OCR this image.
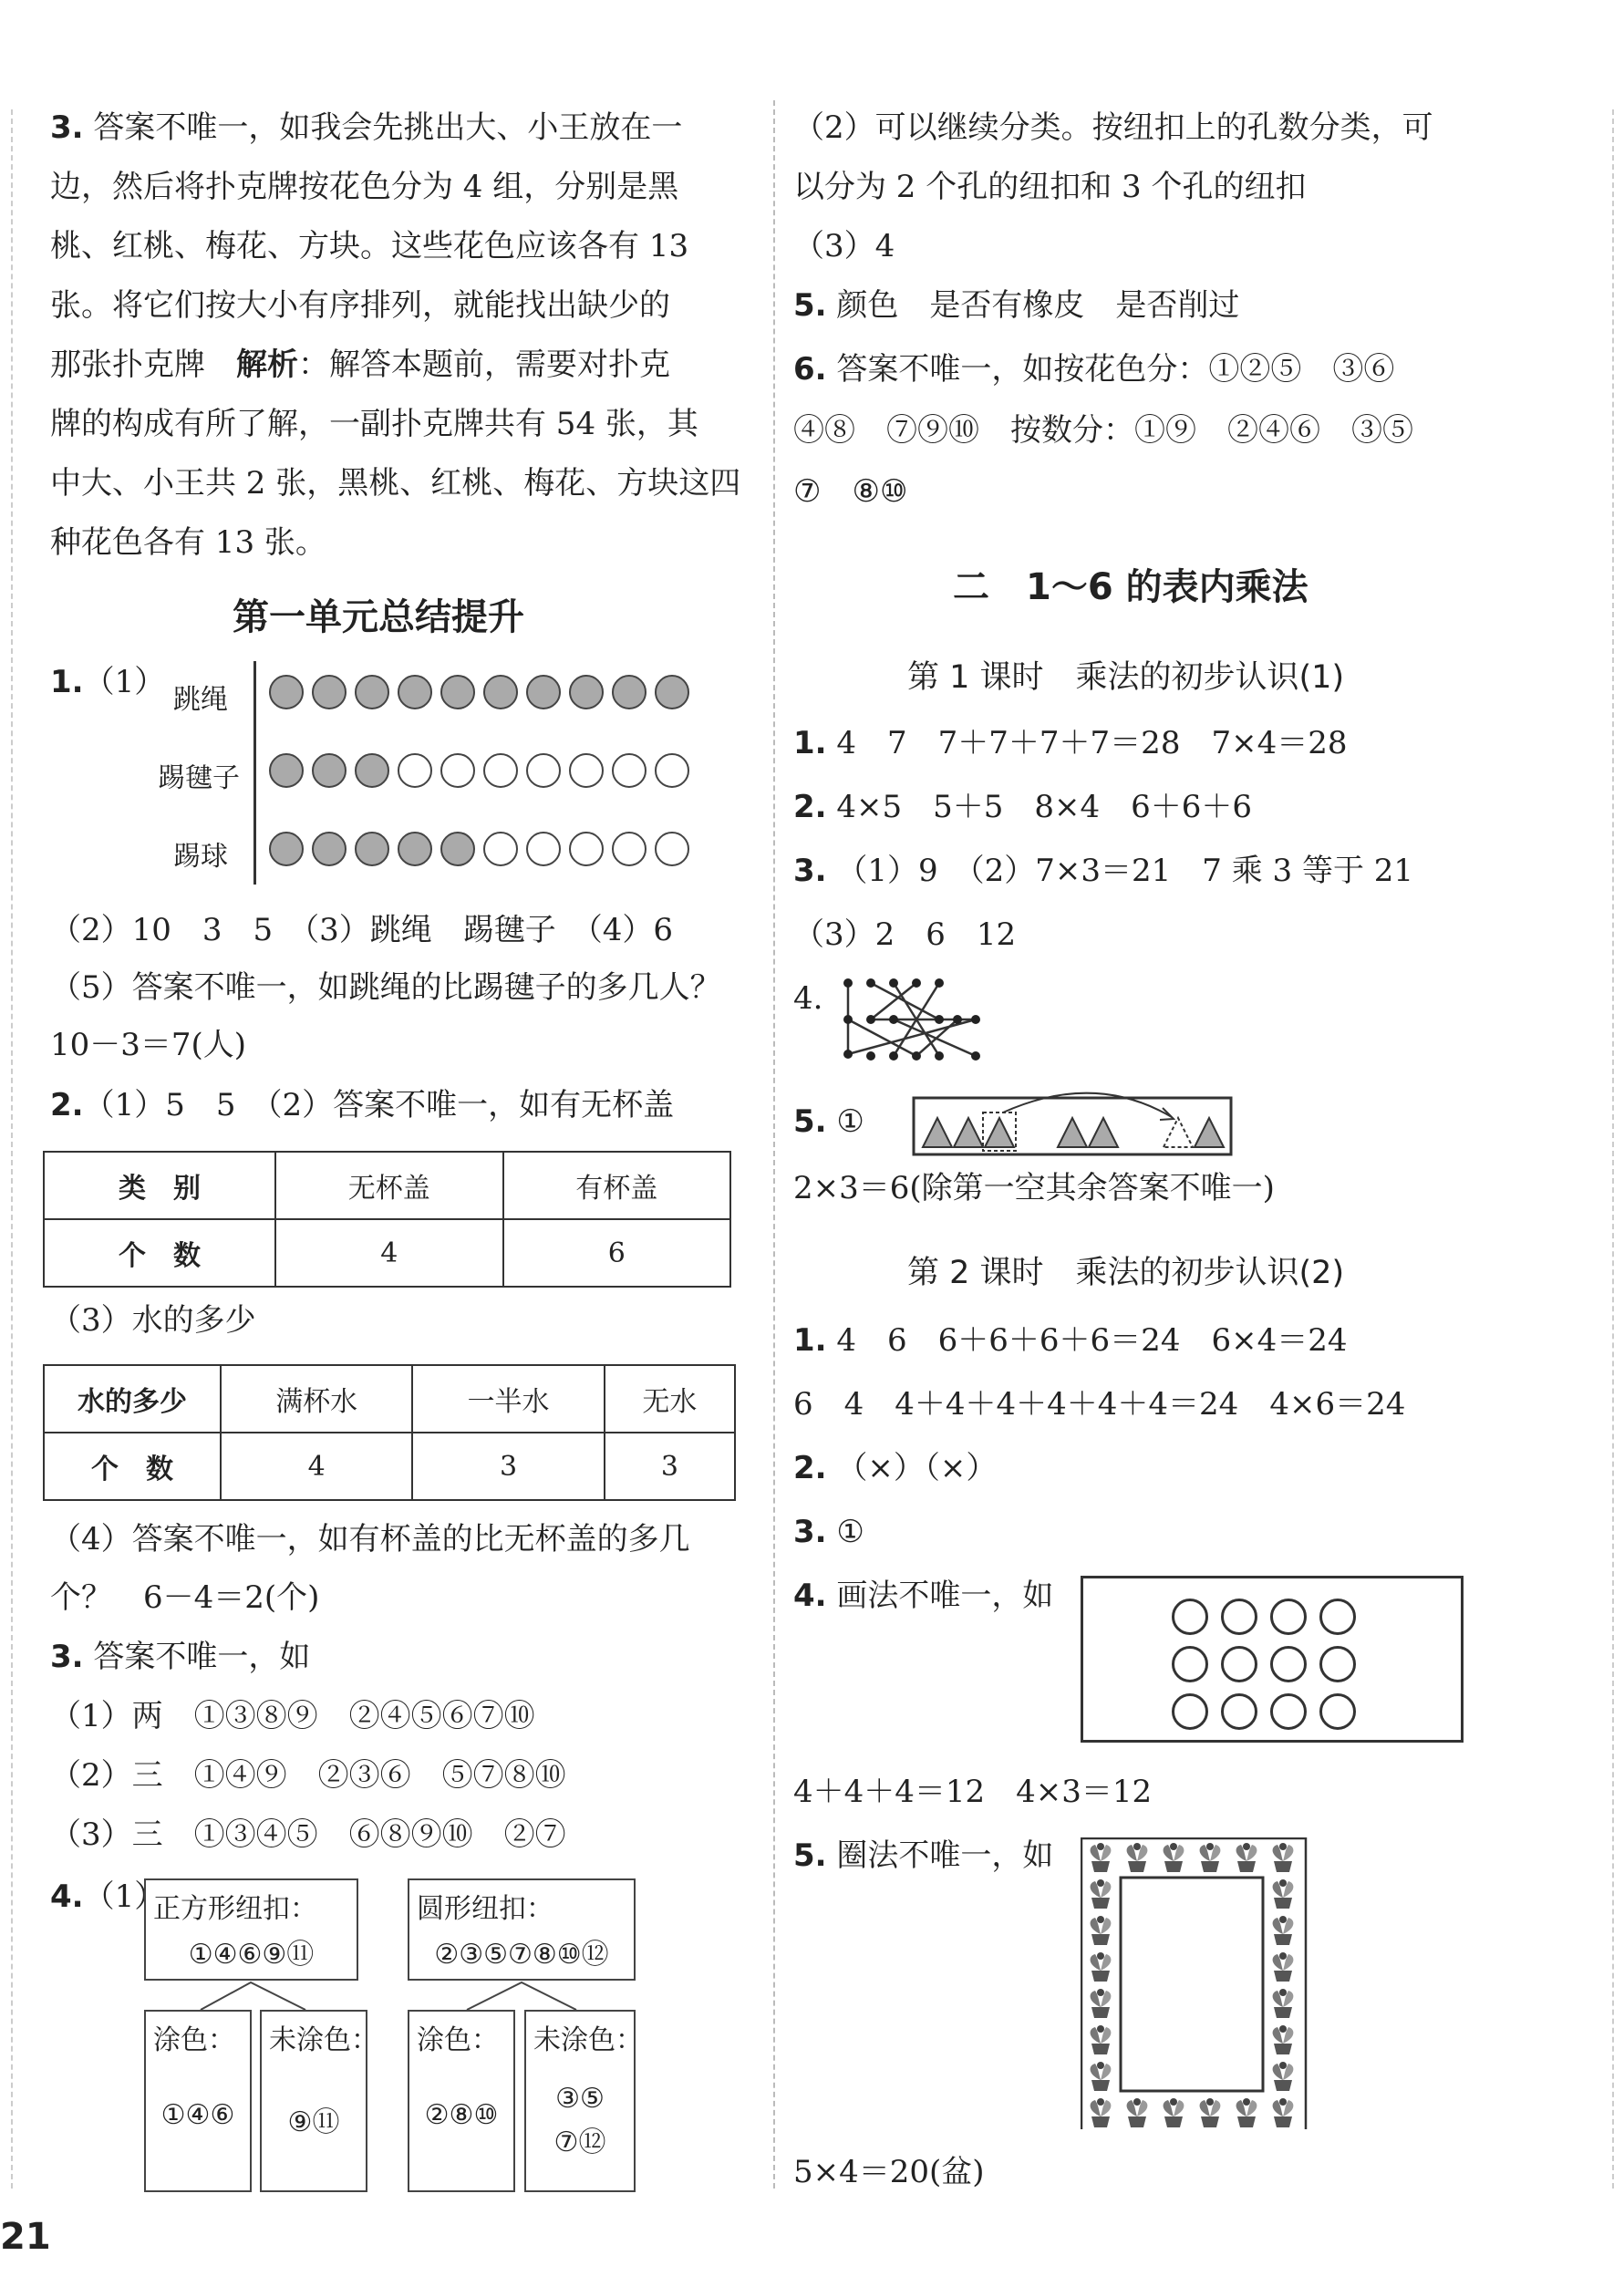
3. 答案不唯一，如我会先挑出大、小王放在一
边，然后将扑克牌按花色分为 4 组，分别是黑
桃、红桃、梅花、方块。这些花色应该各有 13
张。将它们按大小有序排列，就能找出缺少的
那张扑克牌　 解析：解答本题前，需要对扑克
牌的构成有所了解，一副扑克牌共有 54 张，其
中大、小王共 2 张，黑桃、红桃、梅花、方块这四
种花色各有 13 张。
第一单元总结提升
1.（1） 跳绳
踢毽子
踢球
（2）10　3　5　（3）跳绳　踢毽子　（4）6
（5）答案不唯一，如跳绳的比踢毽子的多几人？
10－3＝7(人)
2.（1）5　5　（2）答案不唯一，如有无杯盖
类　别	无杯盖	有杯盖
个　数	4	6
（3）水的多少
水的多少	满杯水	一半水	无水
个　数	4	3	3
（4）答案不唯一，如有杯盖的比无杯盖的多几
个？　6－4＝2(个)
3. 答案不唯一，如
（1）两　①③⑧⑨　②④⑤⑥⑦⑩
（2）三　①④⑨　②③⑥　⑤⑦⑧⑩
（3）三　①③④⑤　⑥⑧⑨⑩　②⑦
4.（1）
正方形纽扣：
①④⑥⑨⑪
圆形纽扣：
②③⑤⑦⑧⑩⑫
涂色：
①④⑥
未涂色：
⑨⑪
涂色：
②⑧⑩
未涂色：
③⑤
⑦⑫
21
（2）可以继续分类。按纽扣上的孔数分类，可
以分为 2 个孔的纽扣和 3 个孔的纽扣
（3）4
5. 颜色　是否有橡皮　是否削过
6. 答案不唯一，如按花色分：①②⑤　③⑥
④⑧　⑦⑨⑩　按数分：①⑨　②④⑥　③⑤
⑦　⑧⑩
二　1～6 的表内乘法
第 1 课时　乘法的初步认识(1)
1. 4　7　7＋7＋7＋7＝28　7×4＝28
2. 4×5　5＋5　8×4　6＋6＋6
3. （1）9　（2）7×3＝21　7 乘 3 等于 21
（3）2　6　12
4.
5. ①
2×3＝6(除第一空其余答案不唯一)
第 2 课时　乘法的初步认识(2)
1. 4　6　6＋6＋6＋6＝24　6×4＝24
6　4　4＋4＋4＋4＋4＋4＝24　4×6＝24
2. （×）（×）
3. ①
4. 画法不唯一，如

4＋4＋4＝12　4×3＝12
5. 圈法不唯一，如
5×4＝20(盆)
